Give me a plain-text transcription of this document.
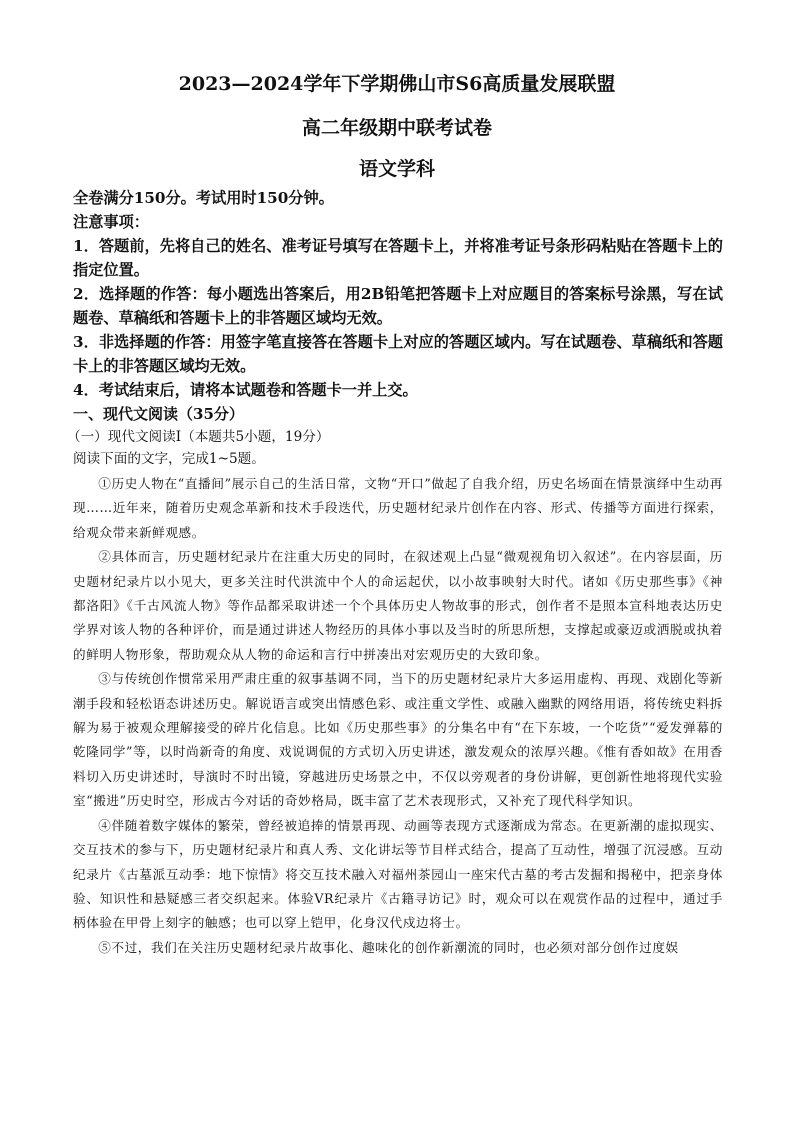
2023—2024学年下学期佛山市S6高质量发展联盟
高二年级期中联考试卷
语文学科

全卷满分150分。考试用时150分钟。

注意事项：

1．答题前，先将自己的姓名、准考证号填写在答题卡上，并将准考证号条形码粘贴在答题卡上的指定位置。

2．选择题的作答：每小题选出答案后，用2B铅笔把答题卡上对应题目的答案标号涂黑，写在试题卷、草稿纸和答题卡上的非答题区域均无效。

3．非选择题的作答：用签字笔直接答在答题卡上对应的答题区域内。写在试题卷、草稿纸和答题卡上的非答题区域均无效。

4．考试结束后，请将本试题卷和答题卡一并上交。

一、现代文阅读（35分）

（一）现代文阅读Ⅰ（本题共5小题，19分）

阅读下面的文字，完成1~5题。

①历史人物在“直播间”展示自己的生活日常，文物“开口”做起了自我介绍，历史名场面在情景演绎中生动再现……近年来，随着历史观念革新和技术手段迭代，历史题材纪录片创作在内容、形式、传播等方面进行探索，给观众带来新鲜观感。

②具体而言，历史题材纪录片在注重大历史的同时，在叙述观上凸显“微观视角切入叙述”。在内容层面，历史题材纪录片以小见大，更多关注时代洪流中个人的命运起伏，以小故事映射大时代。诸如《历史那些事》《神都洛阳》《千古风流人物》等作品都采取讲述一个个具体历史人物故事的形式，创作者不是照本宣科地表达历史学界对该人物的各种评价，而是通过讲述人物经历的具体小事以及当时的所思所想，支撑起或豪迈或洒脱或执着的鲜明人物形象，帮助观众从人物的命运和言行中拼凑出对宏观历史的大致印象。

③与传统创作惯常采用严肃庄重的叙事基调不同，当下的历史题材纪录片大多运用虚构、再现、戏剧化等新潮手段和轻松语态讲述历史。解说语言或突出情感色彩、或注重文学性、或融入幽默的网络用语，将传统史料拆解为易于被观众理解接受的碎片化信息。比如《历史那些事》的分集名中有“在下东坡，一个吃货”“爱发弹幕的乾隆同学”等，以时尚新奇的角度、戏说调侃的方式切入历史讲述，激发观众的浓厚兴趣。《惟有香如故》在用香料切入历史讲述时，导演时不时出镜，穿越进历史场景之中，不仅以旁观者的身份讲解，更创新性地将现代实验室“搬进”历史时空，形成古今对话的奇妙格局，既丰富了艺术表现形式，又补充了现代科学知识。

④伴随着数字媒体的繁荣，曾经被追捧的情景再现、动画等表现方式逐渐成为常态。在更新潮的虚拟现实、交互技术的参与下，历史题材纪录片和真人秀、文化讲坛等节目样式结合，提高了互动性，增强了沉浸感。互动纪录片《古墓派互动季：地下惊情》将交互技术融入对福州茶园山一座宋代古墓的考古发掘和揭秘中，把亲身体验、知识性和悬疑感三者交织起来。体验VR纪录片《古籍寻访记》时，观众可以在观赏作品的过程中，通过手柄体验在甲骨上刻字的触感；也可以穿上铠甲，化身汉代戍边将士。

⑤不过，我们在关注历史题材纪录片故事化、趣味化的创作新潮流的同时，也必须对部分创作过度娱
